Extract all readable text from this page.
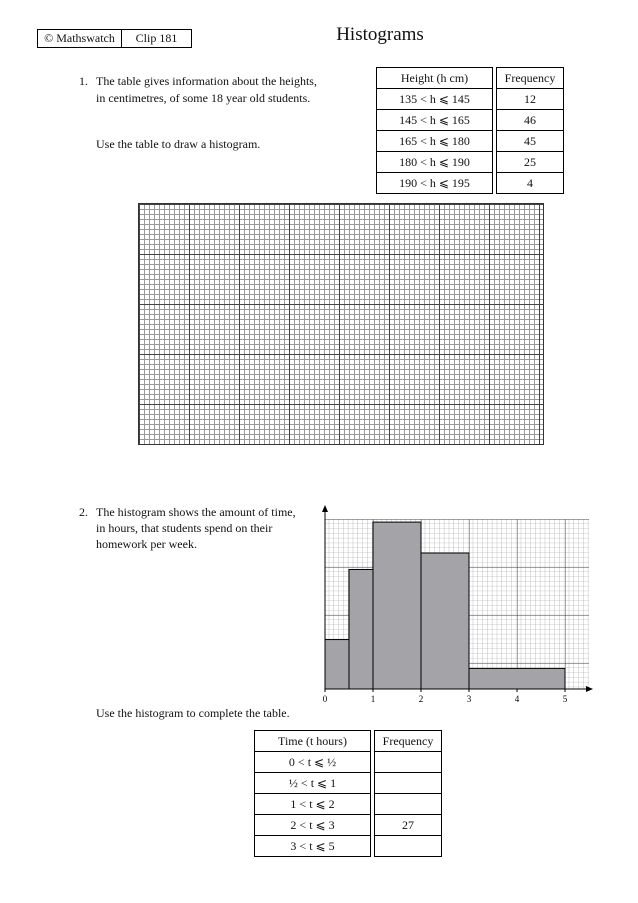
© Mathswatch	Clip 181	Histograms
1. The table gives information about the heights,
in centimetres, of some 18 year old students.
Use the table to draw a histogram.
Height (h cm)		Frequency
135 < h ⩽ 145		12
145 < h ⩽ 165		46
165 < h ⩽ 180		45
180 < h ⩽ 190		25
190 < h ⩽ 195		4
2. The histogram shows the amount of time,
in hours, that students spend on their
homework per week.
0	1	2	3	4	5
Use the histogram to complete the table.
Time (t hours)		Frequency
0 < t ⩽ ½		
½ < t ⩽ 1		
1 < t ⩽ 2		
2 < t ⩽ 3		27
3 < t ⩽ 5		
